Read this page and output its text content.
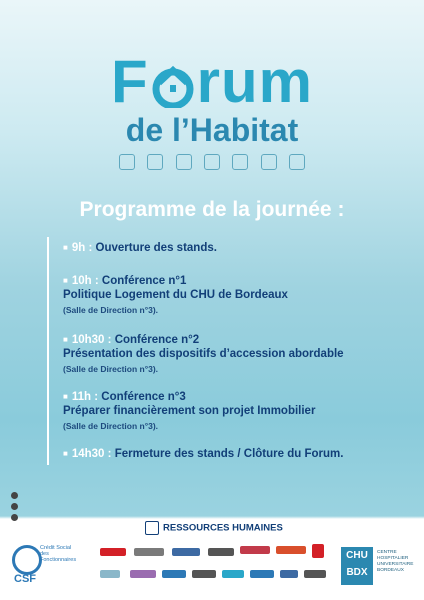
F rum
de l’Habitat

Programme de la journée :
■ 9h : Ouverture des stands.
■ 10h : Conférence n°1
Politique Logement du CHU de Bordeaux
(Salle de Direction n°3).
■ 10h30 : Conférence n°2
Présentation des dispositifs d’accession abordable
(Salle de Direction n°3).
■ 11h : Conférence n°3
Préparer financièrement son projet Immobilier
(Salle de Direction n°3).
■ 14h30 : Fermeture des stands / Clôture du Forum.
RESSOURCES HUMAINES
CSF
Crédit Social des Fonctionnaires	CHU
BDX
CENTRE HOSPITALIER UNIVERSITAIRE BORDEAUX
